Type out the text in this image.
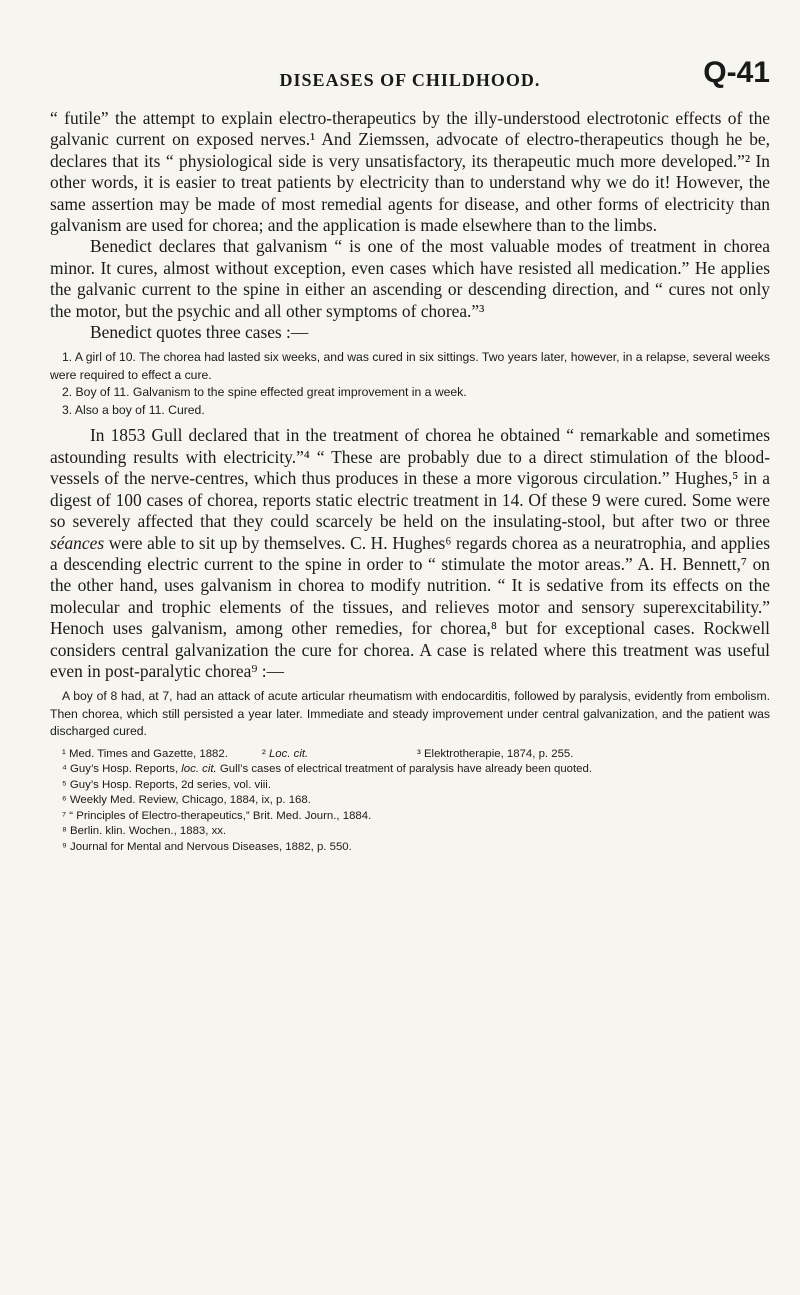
DISEASES OF CHILDHOOD.	Q-41

“ futile” the attempt to explain electro-therapeutics by the illy-understood electrotonic effects of the galvanic current on exposed nerves.¹ And Ziemssen, advocate of electro-therapeutics though he be, declares that its “ physiological side is very unsatisfactory, its therapeutic much more developed.”² In other words, it is easier to treat patients by electricity than to understand why we do it! However, the same assertion may be made of most remedial agents for disease, and other forms of electricity than galvanism are used for chorea; and the application is made elsewhere than to the limbs.

Benedict declares that galvanism “ is one of the most valuable modes of treatment in chorea minor. It cures, almost without exception, even cases which have resisted all medication.” He applies the galvanic current to the spine in either an ascending or descending direction, and “ cures not only the motor, but the psychic and all other symptoms of chorea.”³

Benedict quotes three cases :—

1. A girl of 10. The chorea had lasted six weeks, and was cured in six sittings. Two years later, however, in a relapse, several weeks were required to effect a cure.

2. Boy of 11. Galvanism to the spine effected great improvement in a week.

3. Also a boy of 11. Cured.

In 1853 Gull declared that in the treatment of chorea he obtained “ remarkable and sometimes astounding results with electricity.”⁴ “ These are probably due to a direct stimulation of the blood-vessels of the nerve-centres, which thus produces in these a more vigorous circulation.” Hughes,⁵ in a digest of 100 cases of chorea, reports static electric treatment in 14. Of these 9 were cured. Some were so severely affected that they could scarcely be held on the insulating-stool, but after two or three séances were able to sit up by themselves. C. H. Hughes⁶ regards chorea as a neuratrophia, and applies a descending electric current to the spine in order to “ stimulate the motor areas.” A. H. Bennett,⁷ on the other hand, uses galvanism in chorea to modify nutrition. “ It is sedative from its effects on the molecular and trophic elements of the tissues, and relieves motor and sensory superexcitability.” Henoch uses galvanism, among other remedies, for chorea,⁸ but for exceptional cases. Rockwell considers central galvanization the cure for chorea. A case is related where this treatment was useful even in post-paralytic chorea⁹ :—

A boy of 8 had, at 7, had an attack of acute articular rheumatism with endocarditis, followed by paralysis, evidently from embolism. Then chorea, which still persisted a year later. Immediate and steady improvement under central galvanization, and the patient was discharged cured.

¹ Med. Times and Gazette, 1882.	² Loc. cit.	³ Elektrotherapie, 1874, p. 255.

⁴ Guy’s Hosp. Reports, loc. cit. Gull’s cases of electrical treatment of paralysis have already been quoted.

⁵ Guy’s Hosp. Reports, 2d series, vol. viii.

⁶ Weekly Med. Review, Chicago, 1884, ix, p. 168.

⁷ “ Principles of Electro-therapeutics,” Brit. Med. Journ., 1884.

⁸ Berlin. klin. Wochen., 1883, xx.

⁹ Journal for Mental and Nervous Diseases, 1882, p. 550.
